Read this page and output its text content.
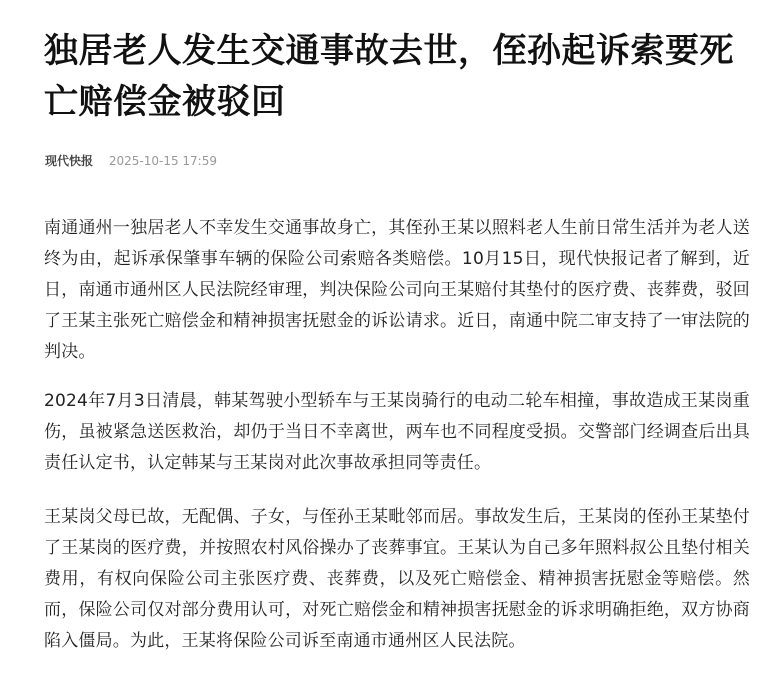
独居老人发生交通事故去世，侄孙起诉索要死亡赔偿金被驳回
现代快报 2025-10-15 17:59

南通通州一独居老人不幸发生交通事故身亡，其侄孙王某以照料老人生前日常生活并为老人送终为由，起诉承保肇事车辆的保险公司索赔各类赔偿。10月15日，现代快报记者了解到，近日，南通市通州区人民法院经审理，判决保险公司向王某赔付其垫付的医疗费、丧葬费，驳回了王某主张死亡赔偿金和精神损害抚慰金的诉讼请求。近日，南通中院二审支持了一审法院的判决。

2024年7月3日清晨，韩某驾驶小型轿车与王某岗骑行的电动二轮车相撞，事故造成王某岗重伤，虽被紧急送医救治，却仍于当日不幸离世，两车也不同程度受损。交警部门经调查后出具责任认定书，认定韩某与王某岗对此次事故承担同等责任。

王某岗父母已故，无配偶、子女，与侄孙王某毗邻而居。事故发生后，王某岗的侄孙王某垫付了王某岗的医疗费，并按照农村风俗操办了丧葬事宜。王某认为自己多年照料叔公且垫付相关费用，有权向保险公司主张医疗费、丧葬费，以及死亡赔偿金、精神损害抚慰金等赔偿。然而，保险公司仅对部分费用认可，对死亡赔偿金和精神损害抚慰金的诉求明确拒绝，双方协商陷入僵局。为此，王某将保险公司诉至南通市通州区人民法院。
